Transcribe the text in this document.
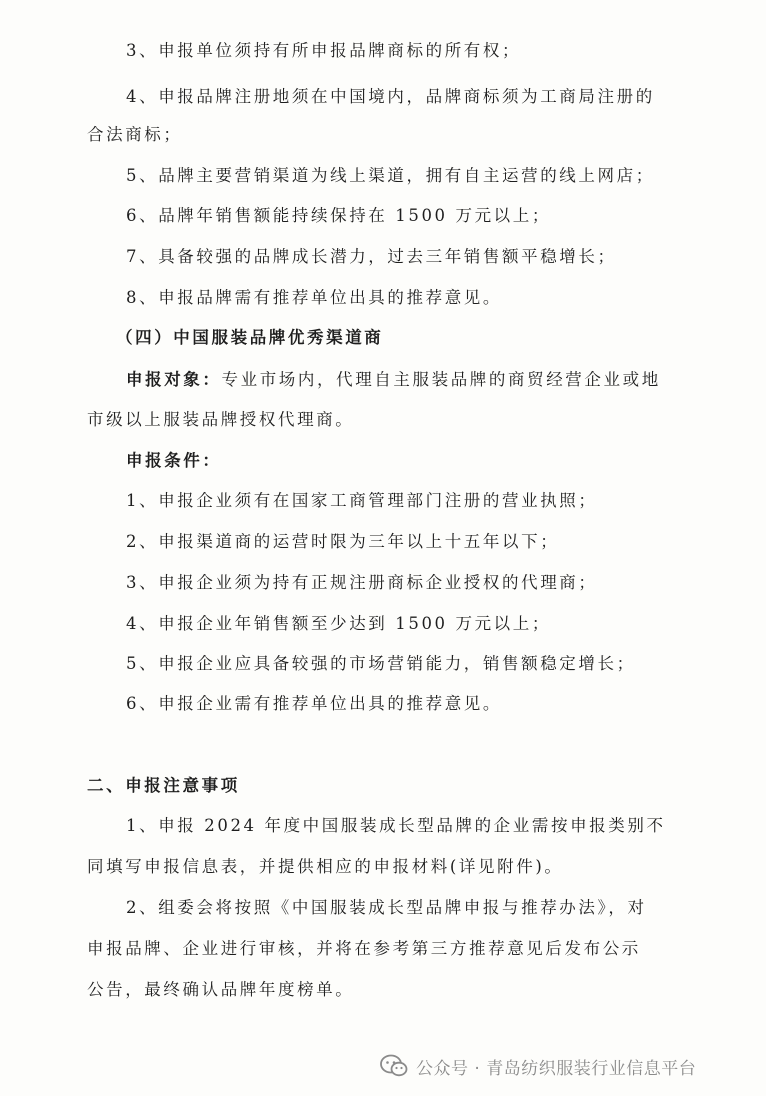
3、申报单位须持有所申报品牌商标的所有权；
4、申报品牌注册地须在中国境内，品牌商标须为工商局注册的
合法商标；
5、品牌主要营销渠道为线上渠道，拥有自主运营的线上网店；
6、品牌年销售额能持续保持在 1500 万元以上；
7、具备较强的品牌成长潜力，过去三年销售额平稳增长；
8、申报品牌需有推荐单位出具的推荐意见。
（四）中国服装品牌优秀渠道商
申报对象：专业市场内，代理自主服装品牌的商贸经营企业或地
市级以上服装品牌授权代理商。
申报条件：
1、申报企业须有在国家工商管理部门注册的营业执照；
2、申报渠道商的运营时限为三年以上十五年以下；
3、申报企业须为持有正规注册商标企业授权的代理商；
4、申报企业年销售额至少达到 1500 万元以上；
5、申报企业应具备较强的市场营销能力，销售额稳定增长；
6、申报企业需有推荐单位出具的推荐意见。
二、申报注意事项
1、申报 2024 年度中国服装成长型品牌的企业需按申报类别不
同填写申报信息表，并提供相应的申报材料(详见附件)。
2、组委会将按照《中国服装成长型品牌申报与推荐办法》，对
申报品牌、企业进行审核，并将在参考第三方推荐意见后发布公示
公告，最终确认品牌年度榜单。
公众号 · 青岛纺织服装行业信息平台
